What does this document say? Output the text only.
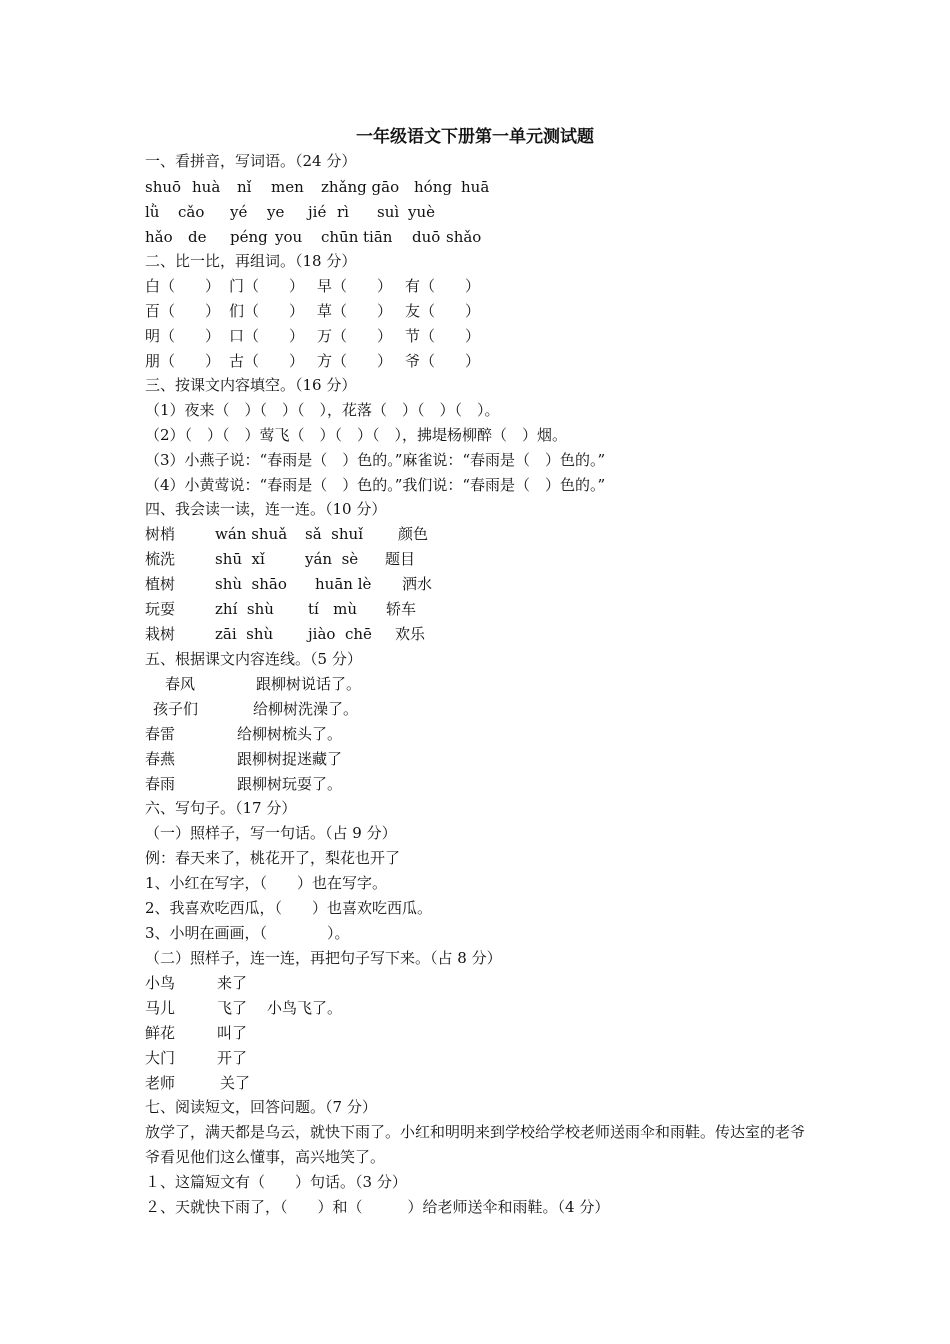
一年级语文下册第一单元测试题
一、看拼音，写词语。（24 分）
shuō huà nǐ men zhǎng gāo hóng huā
lǜ cǎo yé ye jié rì suì yuè
hǎo de péng you chūn tiān duō shǎo
二、比一比，再组词。（18 分）
白（　　） 门（　　） 早（　　） 有（　　）
百（　　） 们（　　） 草（　　） 友（　　）
明（　　） 口（　　） 万（　　） 节（　　）
朋（　　） 古（　　） 方（　　） 爷（　　）
三、按课文内容填空。（16 分）
（1）夜来（　）（　）（　），花落（　）（　）（　）。
（2）（　）（　）莺飞（　）（　）（　），拂堤杨柳醉（　）烟。
（3）小燕子说：“春雨是（　）色的。”麻雀说：“春雨是（　）色的。”
（4）小黄莺说：“春雨是（　）色的。”我们说：“春雨是（　）色的。”
四、我会读一读，连一连。（10 分）
树梢	wán shuǎ sǎ  shuǐ 颜色
梳洗	shū  xǐ	yán  sè 题目
植树	shù  shāo huān lè 洒水
玩耍	zhí  shù tí   mù 轿车
栽树	zāi  shù jiào  chē 欢乐
五、根据课文内容连线。（5 分）
春风	跟柳树说话了。
孩子们	给柳树洗澡了。
春雷	给柳树梳头了。
春燕	跟柳树捉迷藏了
春雨	跟柳树玩耍了。
六、写句子。（17 分）
（一）照样子，写一句话。（占 9 分）
例：春天来了，桃花开了，梨花也开了
1、小红在写字，（　　）也在写字。
2、我喜欢吃西瓜，（　　）也喜欢吃西瓜。
3、小明在画画，（　　　　）。
（二）照样子，连一连，再把句子写下来。（占 8 分）
小鸟	来了
马儿	飞了 小鸟飞了。
鲜花	叫了
大门	开了
老师	关了
七、阅读短文，回答问题。（7 分）
放学了，满天都是乌云，就快下雨了。小红和明明来到学校给学校老师送雨伞和雨鞋。传达室的老爷爷看见他们这么懂事，高兴地笑了。
１、这篇短文有（　　）句话。（3 分）
２、天就快下雨了，（　　）和（　　　）给老师送伞和雨鞋。（4 分）
